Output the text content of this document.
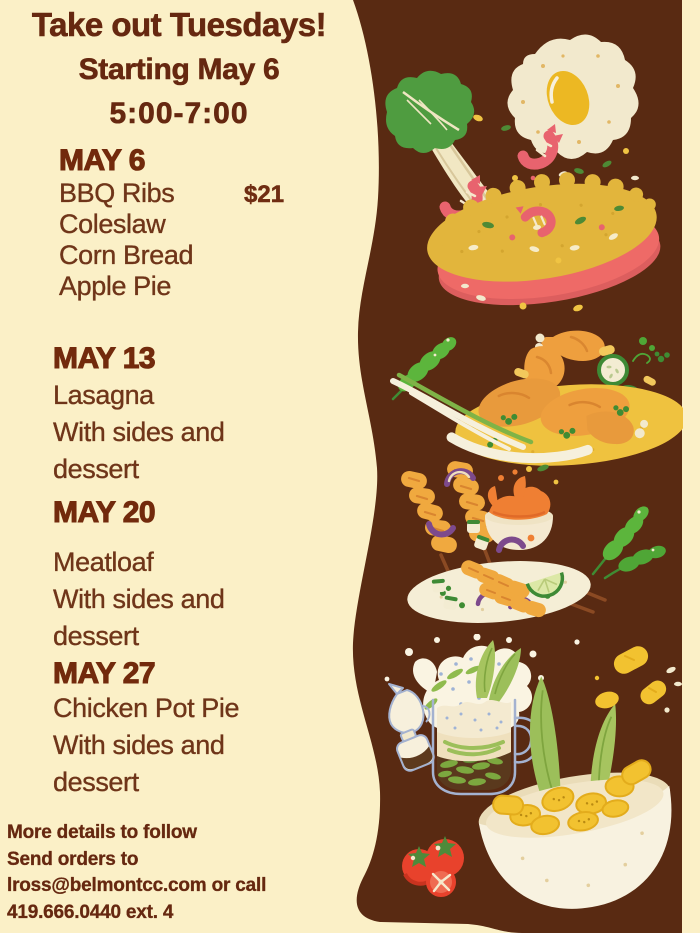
Take out Tuesdays!
Starting May 6
5:00-7:00
MAY 6
BBQ Ribs	$21
Coleslaw
Corn Bread
Apple Pie
MAY 13
Lasagna
With sides and
dessert
MAY 20
Meatloaf
With sides and
dessert
MAY 27
Chicken Pot Pie
With sides and
dessert
More details to follow
Send orders to
lross@belmontcc.com or call
419.666.0440 ext. 4
